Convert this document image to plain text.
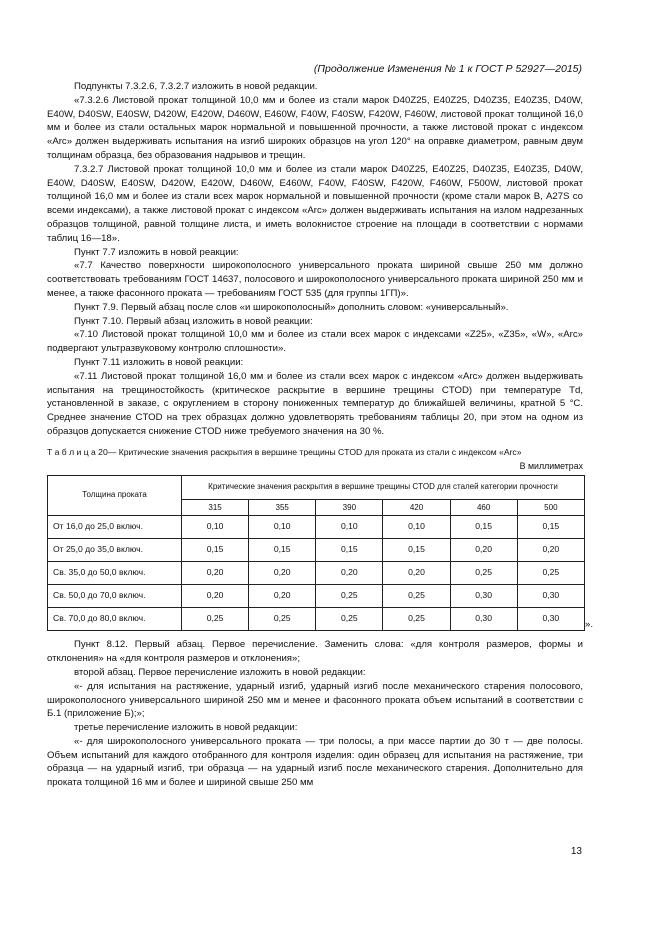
(Продолжение Изменения № 1 к ГОСТ Р 52927—2015)

Подпункты 7.3.2.6, 7.3.2.7 изложить в новой редакции.

«7.3.2.6 Листовой прокат толщиной 10,0 мм и более из стали марок D40Z25, E40Z25, D40Z35, E40Z35, D40W, E40W, D40SW, E40SW, D420W, E420W, D460W, E460W, F40W, F40SW, F420W, F460W, листовой прокат толщиной 16,0 мм и более из стали остальных марок нормальной и повышенной прочности, а также листовой прокат с индексом «Arc» должен выдерживать испытания на изгиб широких образцов на угол 120° на оправке диаметром, равным двум толщинам образца, без образования надрывов и трещин.

7.3.2.7 Листовой прокат толщиной 10,0 мм и более из стали марок D40Z25, E40Z25, D40Z35, E40Z35, D40W, E40W, D40SW, E40SW, D420W, E420W, D460W, E460W, F40W, F40SW, F420W, F460W, F500W, листовой прокат толщиной 16,0 мм и более из стали всех марок нормальной и повышенной прочности (кроме стали марок В, A27S со всеми индексами), а также листовой прокат с индексом «Arc» должен выдерживать испытания на излом надрезанных образцов толщиной, равной толщине листа, и иметь волокнистое строение на площади в соответствии с нормами таблиц 16—18».

Пункт 7.7 изложить в новой реакции:

«7.7 Качество поверхности широкополосного универсального проката шириной свыше 250 мм должно соответствовать требованиям ГОСТ 14637, полосового и широкополосного универсального проката шириной 250 мм и менее, а также фасонного проката — требованиям ГОСТ 535 (для группы 1ГП)».

Пункт 7.9. Первый абзац после слов «и широкополосный» дополнить словом: «универсальный».

Пункт 7.10. Первый абзац изложить в новой реакции:

«7.10 Листовой прокат толщиной 10,0 мм и более из стали всех марок с индексами «Z25», «Z35», «W», «Arc» подвергают ультразвуковому контролю сплошности».

Пункт 7.11 изложить в новой реакции:

«7.11 Листовой прокат толщиной 16,0 мм и более из стали всех марок с индексом «Arc» должен выдерживать испытания на трещиностойкость (критическое раскрытие в вершине трещины СTOD) при температуре Td, установленной в заказе, с округлением в сторону пониженных температур до ближайшей величины, кратной 5 °С. Среднее значение СTOD на трех образцах должно удовлетворять требованиям таблицы 20, при этом на одном из образцов допускается снижение СTOD ниже требуемого значения на 30 %.

Т а б л и ц а 20— Критические значения раскрытия в вершине трещины СTOD для проката из стали с индексом «Arc»

В миллиметрах

Толщина проката	Критические значения раскрытия в вершине трещины СTOD для сталей категории прочности					
	315	355	390	420	460	500
От 16,0 до 25,0 включ.	0,10	0,10	0,10	0,10	0,15	0,15
От 25,0 до 35,0 включ.	0,15	0,15	0,15	0,15	0,20	0,20
Св. 35,0 до 50,0 включ.	0,20	0,20	0,20	0,20	0,25	0,25
Св. 50,0 до 70,0 включ.	0,20	0,20	0,25	0,25	0,30	0,30
Св. 70,0 до 80,0 включ.	0,25	0,25	0,25	0,25	0,30	0,30
».

Пункт 8.12. Первый абзац. Первое перечисление. Заменить слова: «для контроля размеров, формы и отклонения» на «для контроля размеров и отклонения»;

второй абзац. Первое перечисление изложить в новой редакции:

«- для испытания на растяжение, ударный изгиб, ударный изгиб после механического старения полосового, широкополосного универсального шириной 250 мм и менее и фасонного проката объем испытаний в соответствии с Б.1 (приложение Б);»;

третье перечисление изложить в новой редакции:

«- для широкополосного универсального проката — три полосы, а при массе партии до 30 т — две полосы. Объем испытаний для каждого отобранного для контроля изделия: один образец для испытания на растяжение, три образца — на ударный изгиб, три образца — на ударный изгиб после механического старения. Дополнительно для проката толщиной 16 мм и более и шириной свыше 250 мм

13
